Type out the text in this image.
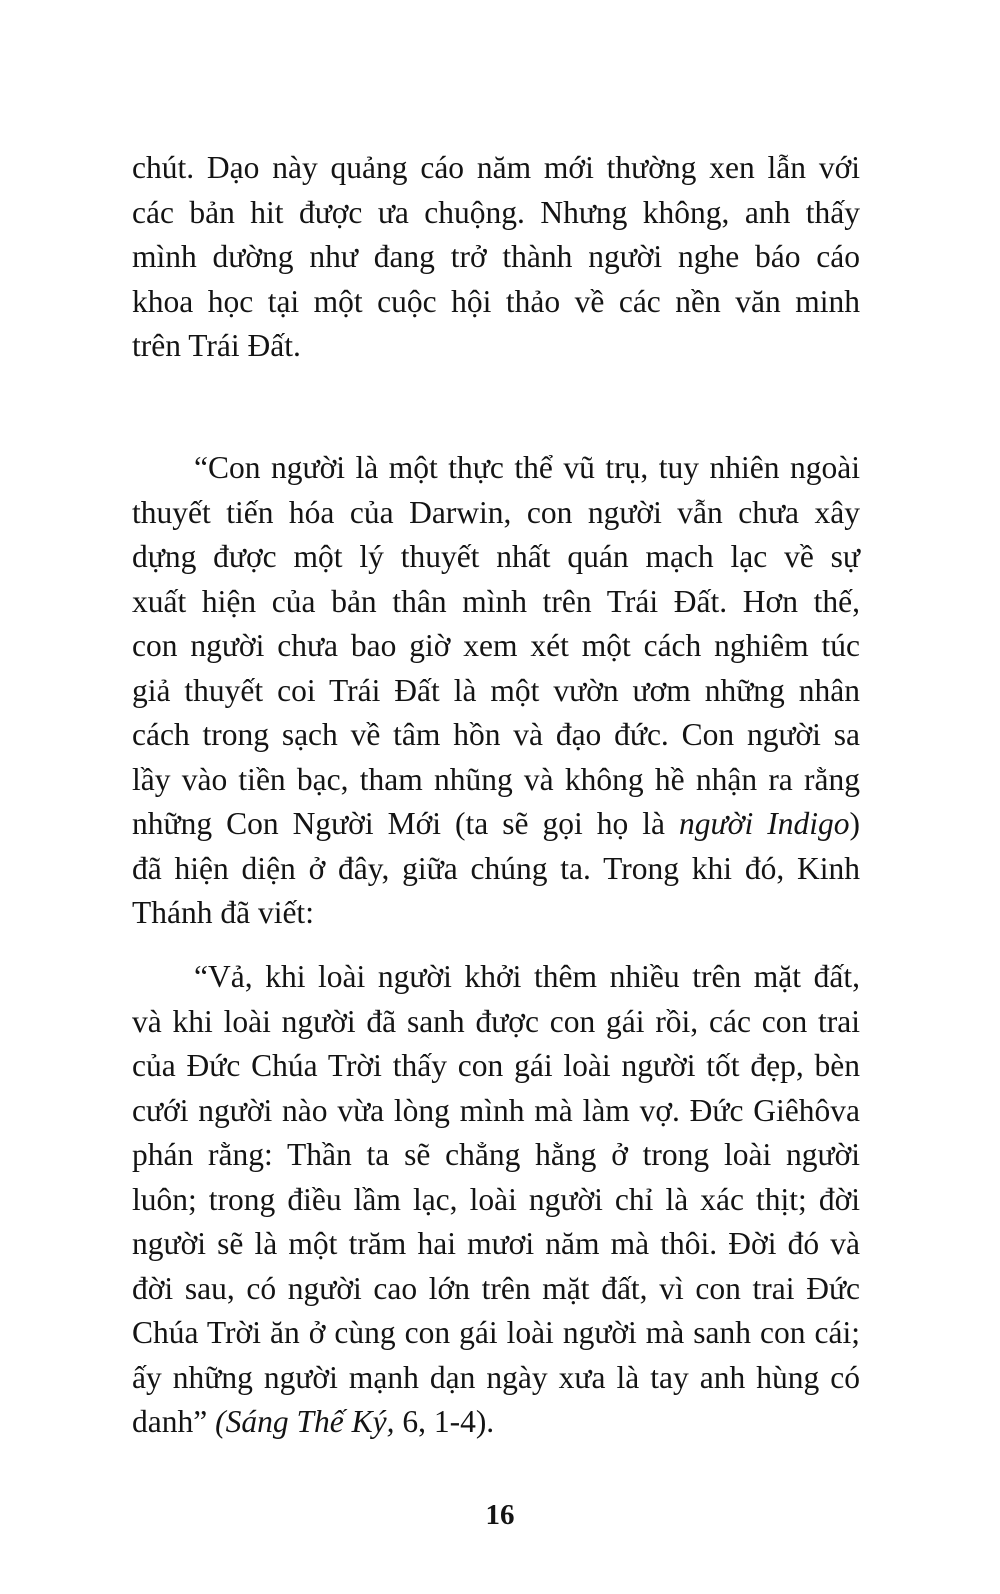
chút. Dạo này quảng cáo năm mới thường xen lẫn với
các bản hit được ưa chuộng. Nhưng không, anh thấy
mình dường như đang trở thành người nghe báo cáo
khoa học tại một cuộc hội thảo về các nền văn minh
trên Trái Đất.
“Con người là một thực thể vũ trụ, tuy nhiên ngoài
thuyết tiến hóa của Darwin, con người vẫn chưa xây
dựng được một lý thuyết nhất quán mạch lạc về sự
xuất hiện của bản thân mình trên Trái Đất. Hơn thế,
con người chưa bao giờ xem xét một cách nghiêm túc
giả thuyết coi Trái Đất là một vườn ươm những nhân
cách trong sạch về tâm hồn và đạo đức. Con người sa
lầy vào tiền bạc, tham nhũng và không hề nhận ra rằng
những Con Người Mới (ta sẽ gọi họ là người Indigo)
đã hiện diện ở đây, giữa chúng ta. Trong khi đó, Kinh
Thánh đã viết:
“Vả, khi loài người khởi thêm nhiều trên mặt đất,
và khi loài người đã sanh được con gái rồi, các con trai
của Đức Chúa Trời thấy con gái loài người tốt đẹp, bèn
cưới người nào vừa lòng mình mà làm vợ. Đức Giêhôva
phán rằng: Thần ta sẽ chẳng hằng ở trong loài người
luôn; trong điều lầm lạc, loài người chỉ là xác thịt; đời
người sẽ là một trăm hai mươi năm mà thôi. Đời đó và
đời sau, có người cao lớn trên mặt đất, vì con trai Đức
Chúa Trời ăn ở cùng con gái loài người mà sanh con cái;
ấy những người mạnh dạn ngày xưa là tay anh hùng có
danh” (Sáng Thế Ký, 6, 1-4).
16
